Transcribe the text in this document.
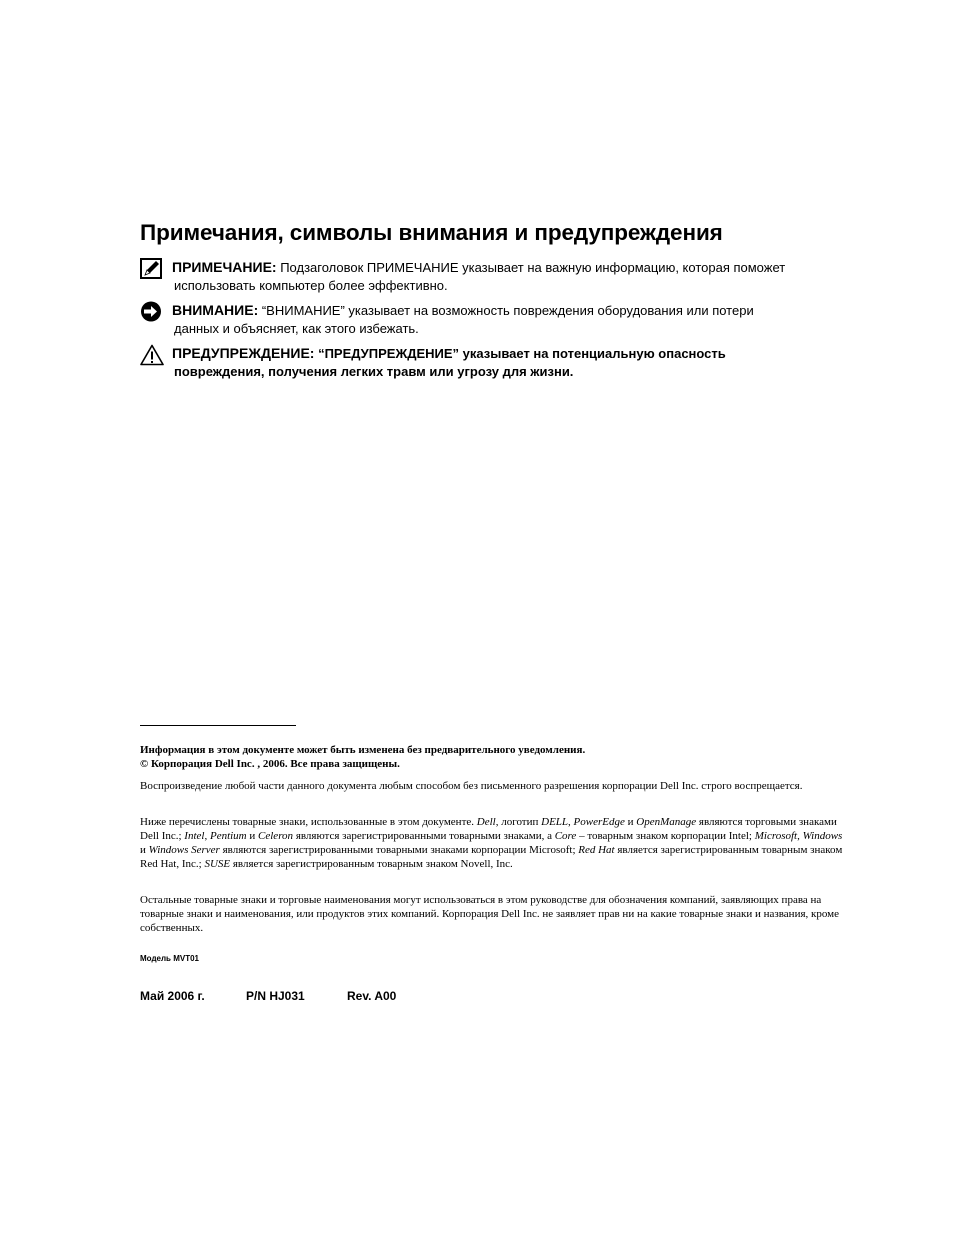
Примечания, символы внимания и предупреждения
ПРИМЕЧАНИЕ: Подзаголовок ПРИМЕЧАНИЕ указывает на важную информацию, которая поможет
использовать компьютер более эффективно.
ВНИМАНИЕ: “ВНИМАНИЕ” указывает на возможность повреждения оборудования или потери
данных и объясняет, как этого избежать.
ПРЕДУПРЕЖДЕНИЕ: “ПРЕДУПРЕЖДЕНИЕ” указывает на потенциальную опасность
повреждения, получения легких травм или угрозу для жизни.

Информация в этом документе может быть изменена без предварительного уведомления.

© Корпорация Dell Inc. , 2006. Все права защищены.

Воспроизведение любой части данного документа любым способом без письменного разрешения корпорации Dell Inc. строго воспрещается.

Ниже перечислены товарные знаки, использованные в этом документе. Dell, логотип DELL, PowerEdge и OpenManage являются торговыми знаками Dell Inc.; Intel, Pentium и Celeron являются зарегистрированными товарными знаками, а Core – товарным знаком корпорации Intel; Microsoft, Windows и Windows Server являются зарегистрированными товарными знаками корпорации Microsoft; Red Hat является зарегистрированным товарным знаком Red Hat, Inc.; SUSE является зарегистрированным товарным знаком Novell, Inc.

Остальные товарные знаки и торговые наименования могут использоваться в этом руководстве для обозначения компаний, заявляющих права на товарные знаки и наименования, или продуктов этих компаний. Корпорация Dell Inc. не заявляет прав ни на какие товарные знаки и названия, кроме собственных.

Модель MVT01

Май 2006 г.	P/N HJ031	Rev. A00
